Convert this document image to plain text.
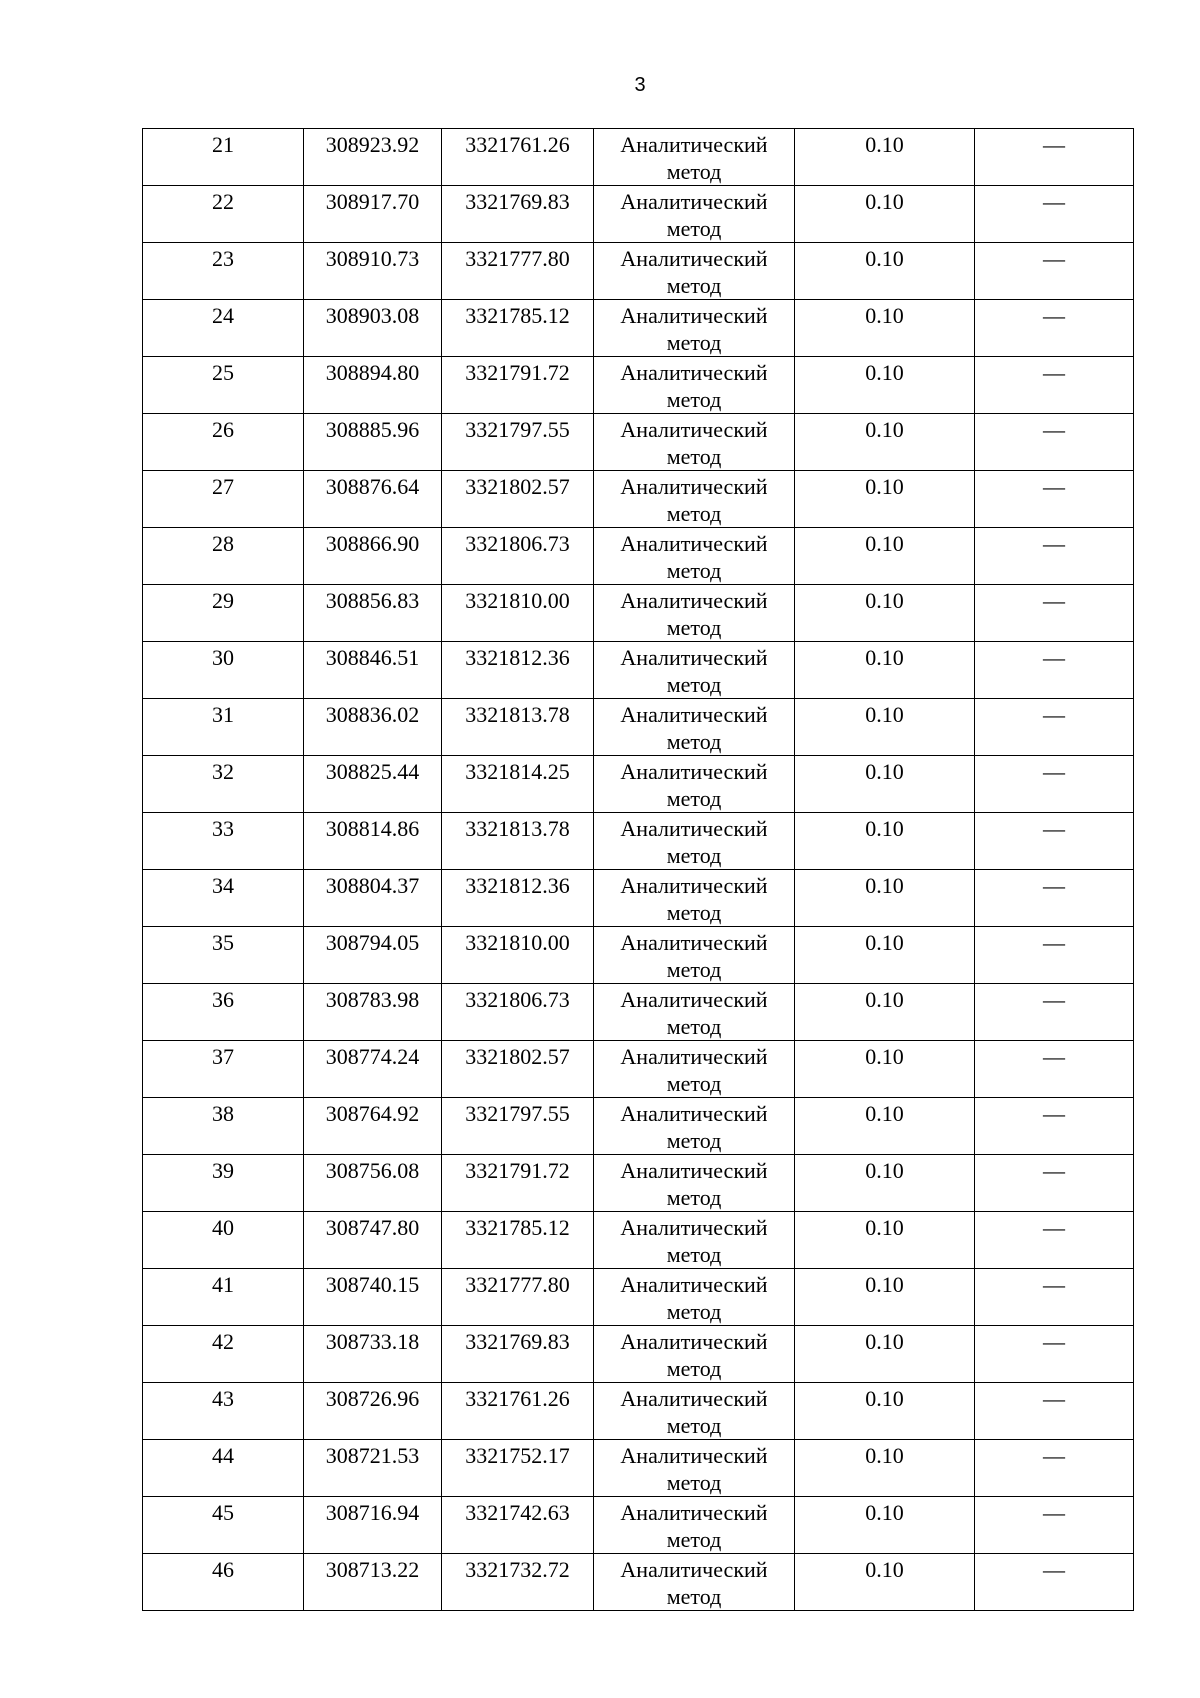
3
21	308923.92	3321761.26	Аналитический
метод	0.10	—
22	308917.70	3321769.83	Аналитический
метод	0.10	—
23	308910.73	3321777.80	Аналитический
метод	0.10	—
24	308903.08	3321785.12	Аналитический
метод	0.10	—
25	308894.80	3321791.72	Аналитический
метод	0.10	—
26	308885.96	3321797.55	Аналитический
метод	0.10	—
27	308876.64	3321802.57	Аналитический
метод	0.10	—
28	308866.90	3321806.73	Аналитический
метод	0.10	—
29	308856.83	3321810.00	Аналитический
метод	0.10	—
30	308846.51	3321812.36	Аналитический
метод	0.10	—
31	308836.02	3321813.78	Аналитический
метод	0.10	—
32	308825.44	3321814.25	Аналитический
метод	0.10	—
33	308814.86	3321813.78	Аналитический
метод	0.10	—
34	308804.37	3321812.36	Аналитический
метод	0.10	—
35	308794.05	3321810.00	Аналитический
метод	0.10	—
36	308783.98	3321806.73	Аналитический
метод	0.10	—
37	308774.24	3321802.57	Аналитический
метод	0.10	—
38	308764.92	3321797.55	Аналитический
метод	0.10	—
39	308756.08	3321791.72	Аналитический
метод	0.10	—
40	308747.80	3321785.12	Аналитический
метод	0.10	—
41	308740.15	3321777.80	Аналитический
метод	0.10	—
42	308733.18	3321769.83	Аналитический
метод	0.10	—
43	308726.96	3321761.26	Аналитический
метод	0.10	—
44	308721.53	3321752.17	Аналитический
метод	0.10	—
45	308716.94	3321742.63	Аналитический
метод	0.10	—
46	308713.22	3321732.72	Аналитический
метод	0.10	—
